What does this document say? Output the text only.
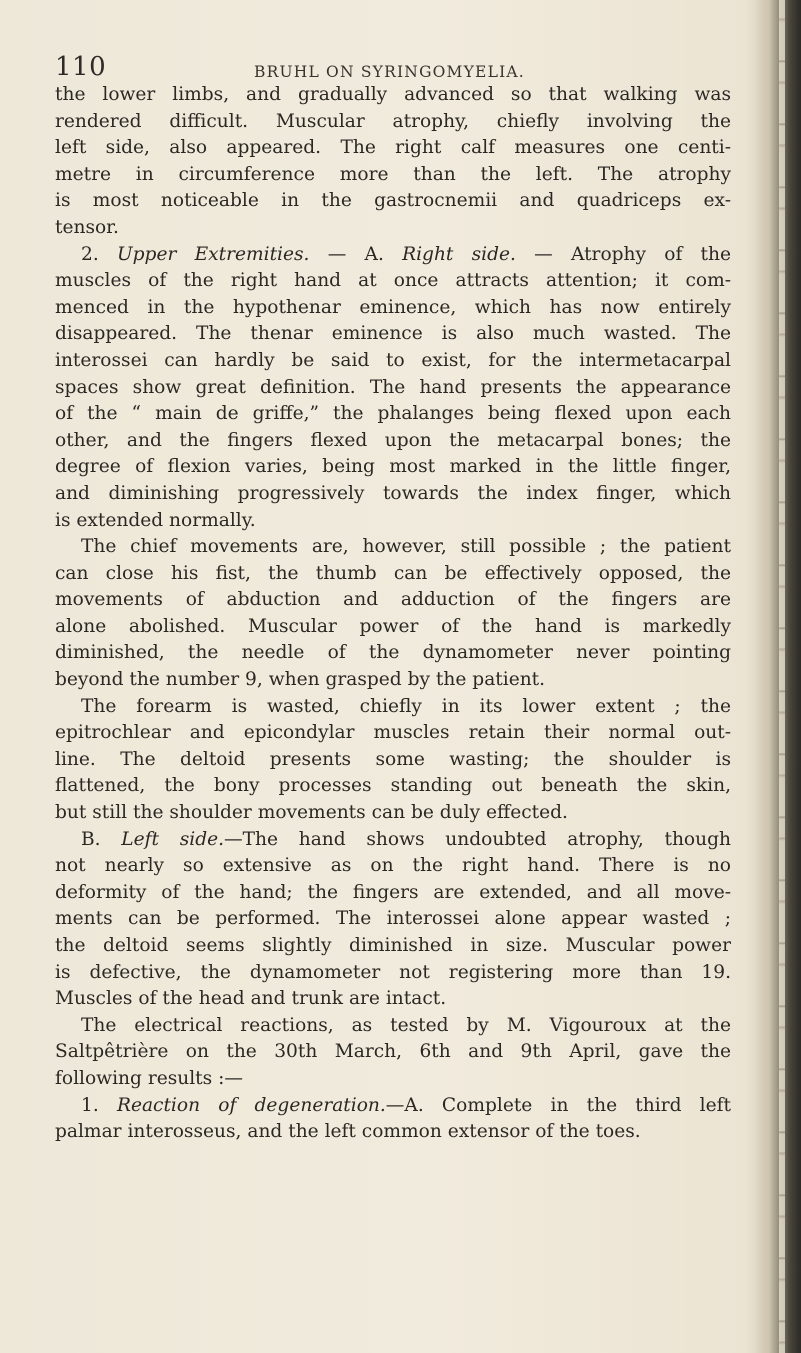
110	BRUHL ON SYRINGOMYELIA.
the lower limbs, and gradually advanced so that walking was
rendered difficult. Muscular atrophy, chiefly involving the
left side, also appeared. The right calf measures one centi-
metre in circumference more than the left. The atrophy
is most noticeable in the gastrocnemii and quadriceps ex-
tensor.
2. Upper Extremities. — A. Right side. — Atrophy of the
muscles of the right hand at once attracts attention; it com-
menced in the hypothenar eminence, which has now entirely
disappeared. The thenar eminence is also much wasted. The
interossei can hardly be said to exist, for the intermetacarpal
spaces show great definition. The hand presents the appearance
of the “ main de griffe,” the phalanges being flexed upon each
other, and the fingers flexed upon the metacarpal bones; the
degree of flexion varies, being most marked in the little finger,
and diminishing progressively towards the index finger, which
is extended normally.
The chief movements are, however, still possible ; the patient
can close his fist, the thumb can be effectively opposed, the
movements of abduction and adduction of the fingers are
alone abolished. Muscular power of the hand is markedly
diminished, the needle of the dynamometer never pointing
beyond the number 9, when grasped by the patient.
The forearm is wasted, chiefly in its lower extent ; the
epitrochlear and epicondylar muscles retain their normal out-
line. The deltoid presents some wasting; the shoulder is
flattened, the bony processes standing out beneath the skin,
but still the shoulder movements can be duly effected.
B. Left side.—The hand shows undoubted atrophy, though
not nearly so extensive as on the right hand. There is no
deformity of the hand; the fingers are extended, and all move-
ments can be performed. The interossei alone appear wasted ;
the deltoid seems slightly diminished in size. Muscular power
is defective, the dynamometer not registering more than 19.
Muscles of the head and trunk are intact.
The electrical reactions, as tested by M. Vigouroux at the
Saltpêtrière on the 30th March, 6th and 9th April, gave the
following results :—
1. Reaction of degeneration.—A. Complete in the third left
palmar interosseus, and the left common extensor of the toes.
